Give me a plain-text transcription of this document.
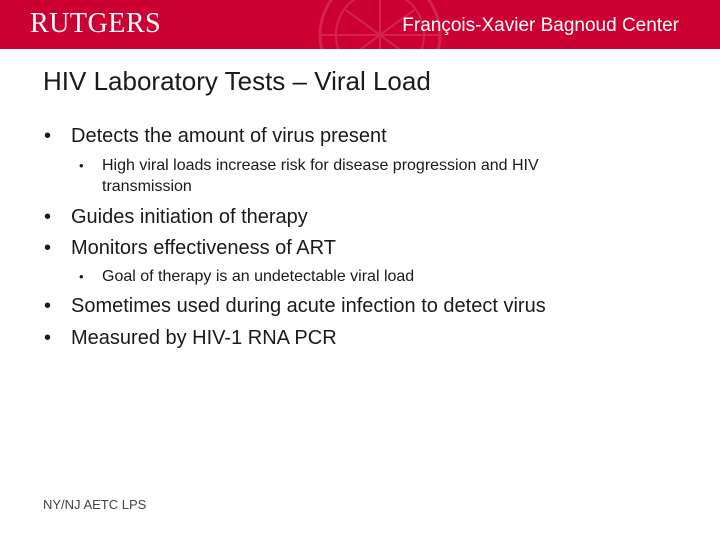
RUTGERS	François-Xavier Bagnoud Center
HIV Laboratory Tests – Viral Load
• Detects the amount of virus present
•	High viral loads increase risk for disease progression and HIV transmission
• Guides initiation of therapy
• Monitors effectiveness of ART
•	Goal of therapy is an undetectable viral load
• Sometimes used during acute infection to detect virus
• Measured by HIV-1 RNA PCR
NY/NJ AETC LPS
